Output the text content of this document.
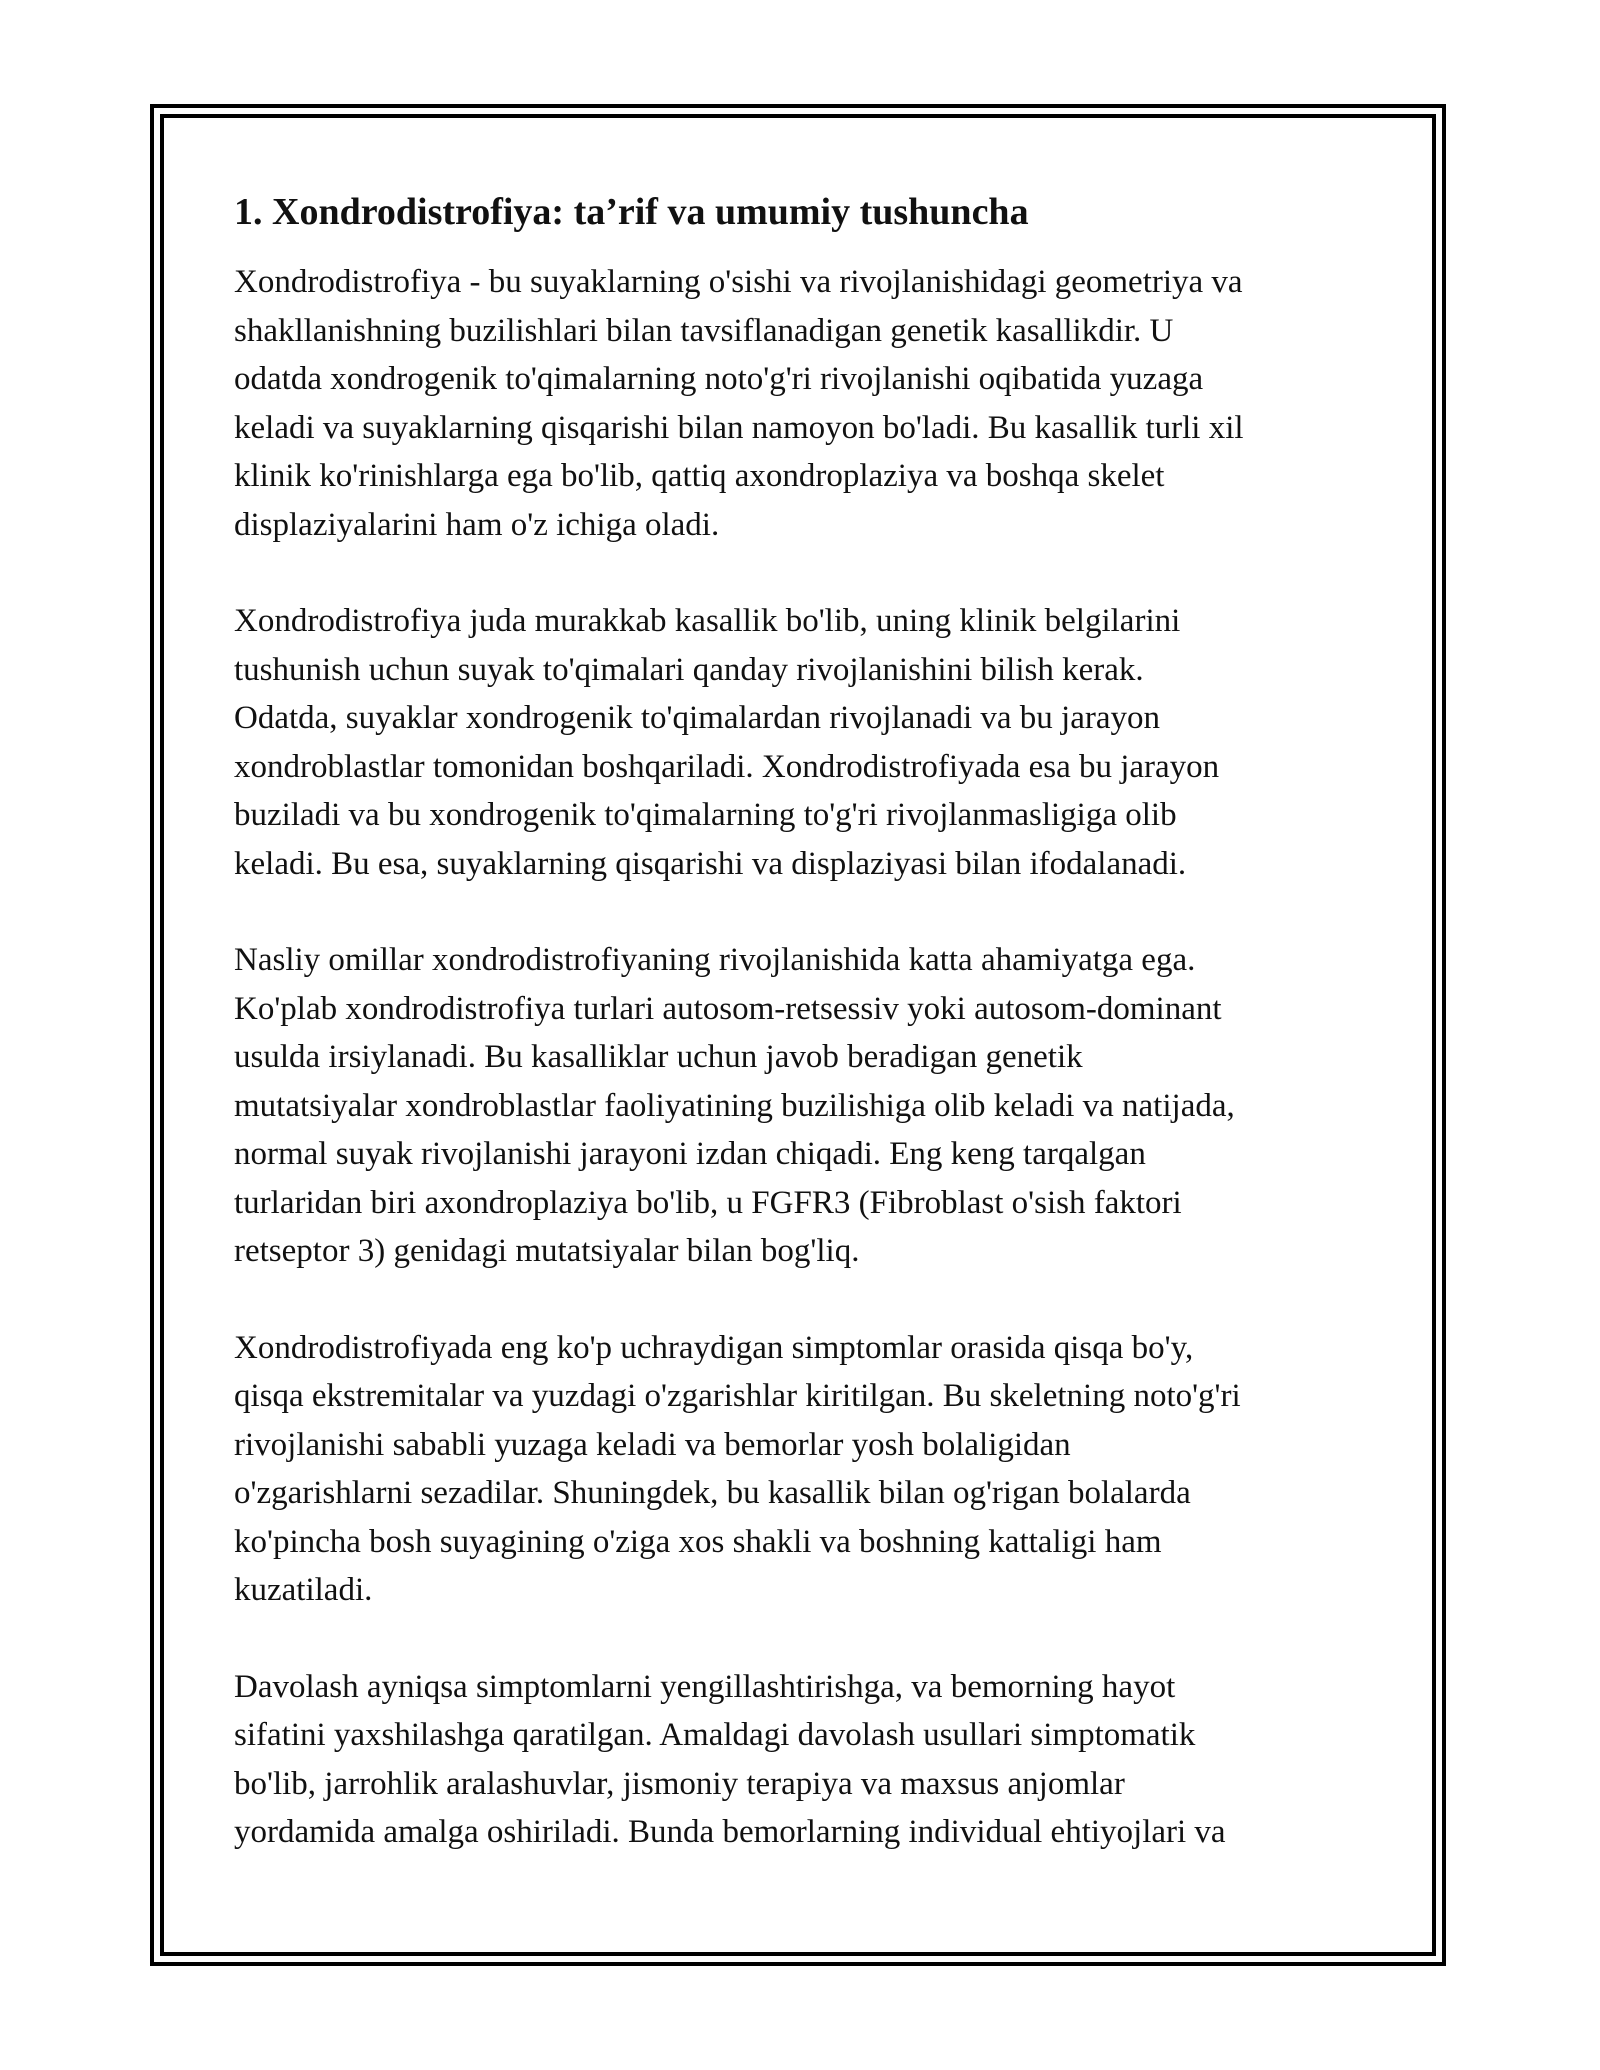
1. Xondrodistrofiya: ta’rif va umumiy tushuncha

Xondrodistrofiya - bu suyaklarning o'sishi va rivojlanishidagi geometriya va
shakllanishning buzilishlari bilan tavsiflanadigan genetik kasallikdir. U
odatda xondrogenik to'qimalarning noto'g'ri rivojlanishi oqibatida yuzaga
keladi va suyaklarning qisqarishi bilan namoyon bo'ladi. Bu kasallik turli xil
klinik ko'rinishlarga ega bo'lib, qattiq axondroplaziya va boshqa skelet
displaziyalarini ham o'z ichiga oladi.

Xondrodistrofiya juda murakkab kasallik bo'lib, uning klinik belgilarini
tushunish uchun suyak to'qimalari qanday rivojlanishini bilish kerak.
Odatda, suyaklar xondrogenik to'qimalardan rivojlanadi va bu jarayon
xondroblastlar tomonidan boshqariladi. Xondrodistrofiyada esa bu jarayon
buziladi va bu xondrogenik to'qimalarning to'g'ri rivojlanmasligiga olib
keladi. Bu esa, suyaklarning qisqarishi va displaziyasi bilan ifodalanadi.

Nasliy omillar xondrodistrofiyaning rivojlanishida katta ahamiyatga ega.
Ko'plab xondrodistrofiya turlari autosom-retsessiv yoki autosom-dominant
usulda irsiylanadi. Bu kasalliklar uchun javob beradigan genetik
mutatsiyalar xondroblastlar faoliyatining buzilishiga olib keladi va natijada,
normal suyak rivojlanishi jarayoni izdan chiqadi. Eng keng tarqalgan
turlaridan biri axondroplaziya bo'lib, u FGFR3 (Fibroblast o'sish faktori
retseptor 3) genidagi mutatsiyalar bilan bog'liq.

Xondrodistrofiyada eng ko'p uchraydigan simptomlar orasida qisqa bo'y,
qisqa ekstremitalar va yuzdagi o'zgarishlar kiritilgan. Bu skeletning noto'g'ri
rivojlanishi sababli yuzaga keladi va bemorlar yosh bolaligidan
o'zgarishlarni sezadilar. Shuningdek, bu kasallik bilan og'rigan bolalarda
ko'pincha bosh suyagining o'ziga xos shakli va boshning kattaligi ham
kuzatiladi.

Davolash ayniqsa simptomlarni yengillashtirishga, va bemorning hayot
sifatini yaxshilashga qaratilgan. Amaldagi davolash usullari simptomatik
bo'lib, jarrohlik aralashuvlar, jismoniy terapiya va maxsus anjomlar
yordamida amalga oshiriladi. Bunda bemorlarning individual ehtiyojlari va
